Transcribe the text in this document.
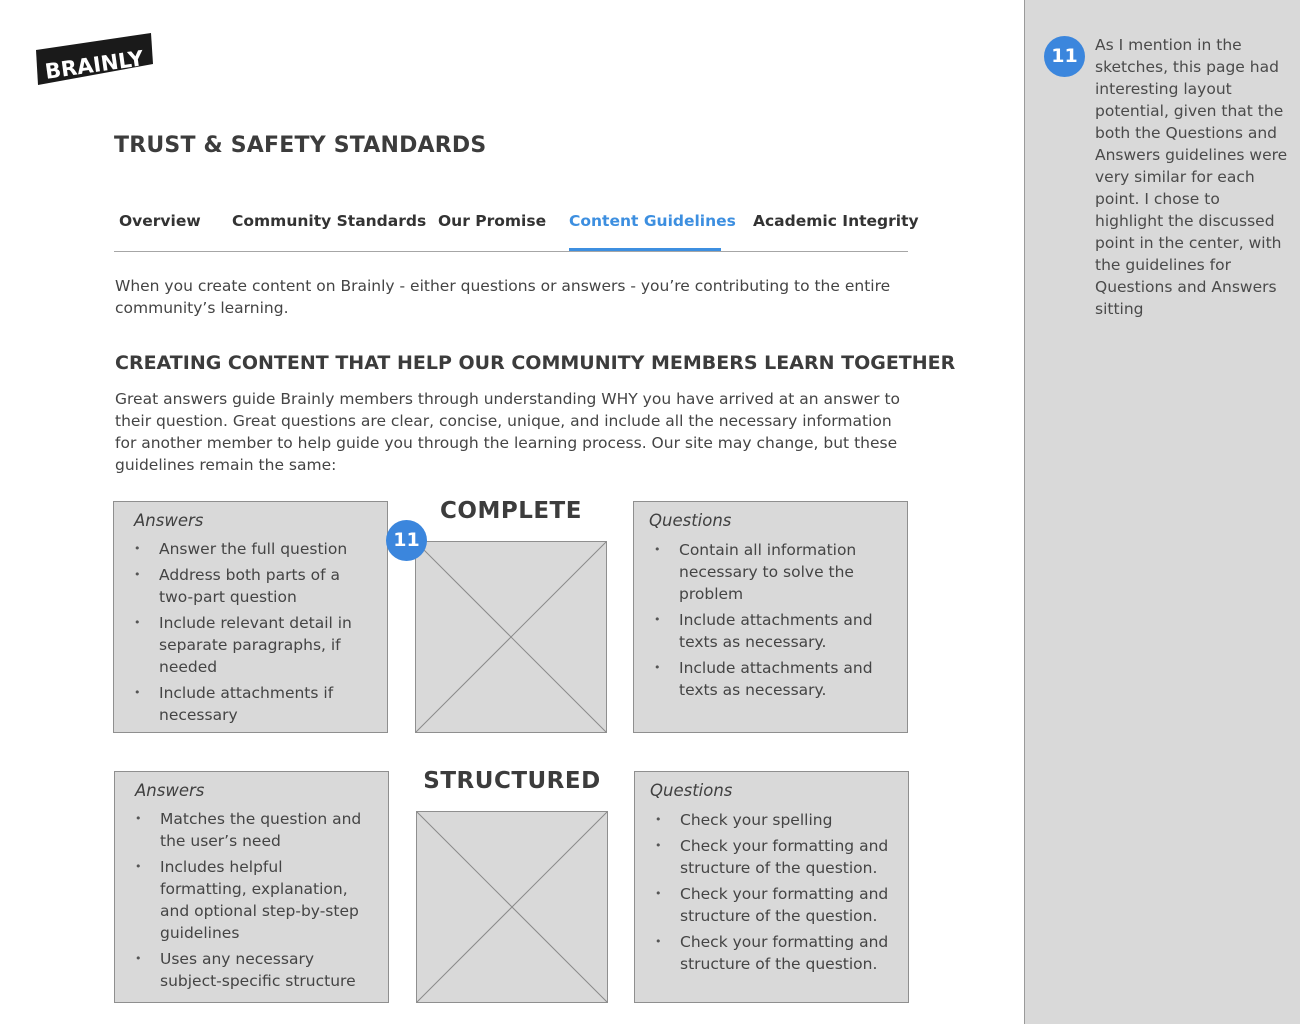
BRAINLY
TRUST & SAFETY STANDARDS
Overview Community Standards Our Promise Content Guidelines Academic Integrity
When you create content on Brainly - either questions or answers - you’re contributing to the entire community’s learning.
CREATING CONTENT THAT HELP OUR COMMUNITY MEMBERS LEARN TOGETHER
Great answers guide Brainly members through understanding WHY you have arrived at an answer to their question. Great questions are clear, concise, unique, and include all the necessary information for another member to help guide you through the learning process. Our site may change, but these guidelines remain the same:
Answers
• Answer the full question
• Address both parts of a two-part question
• Include relevant detail in separate paragraphs, if needed
• Include attachments if necessary
COMPLETE
11
Questions
• Contain all information necessary to solve the problem
• Include attachments and texts as necessary.
• Include attachments and texts as necessary.
Answers
• Matches the question and the user’s need
• Includes helpful formatting, explanation, and optional step-by-step guidelines
• Uses any necessary subject-specific structure
STRUCTURED	Questions
• Check your spelling
• Check your formatting and structure of the question.
• Check your formatting and structure of the question.
• Check your formatting and structure of the question.
11	As I mention in the sketches, this page had interesting layout potential, given that the both the Questions and Answers guidelines were very similar for each point. I chose to highlight the discussed point in the center, with the guidelines for Questions and Answers sitting
